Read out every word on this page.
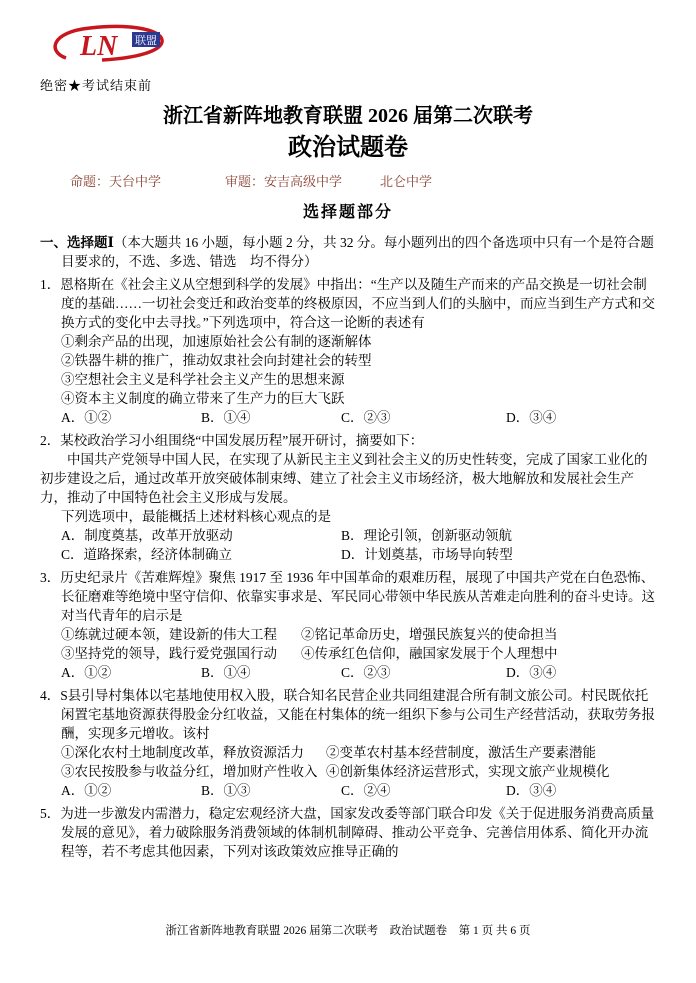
LN 联盟
绝密★考试结束前
浙江省新阵地教育联盟 2026 届第二次联考
政治试题卷
命题：天台中学	审题：安吉高级中学	北仑中学
选择题部分

一、选择题Ⅰ（本大题共 16 小题，每小题 2 分，共 32 分。每小题列出的四个备选项中只有一个是符合题目要求的，不选、多选、错选　均不得分）

1．恩格斯在《社会主义从空想到科学的发展》中指出：“生产以及随生产而来的产品交换是一切社会制度的基础……一切社会变迁和政治变革的终极原因，不应当到人们的头脑中，而应当到生产方式和交换方式的变化中去寻找。”下列选项中，符合这一论断的表述有

①剩余产品的出现，加速原始社会公有制的逐渐解体

②铁器牛耕的推广，推动奴隶社会向封建社会的转型

③空想社会主义是科学社会主义产生的思想来源

④资本主义制度的确立带来了生产力的巨大飞跃

A．①②	B．①④	C．②③	D．③④

2．某校政治学习小组围绕“中国发展历程”展开研讨，摘要如下：

中国共产党领导中国人民，在实现了从新民主主义到社会主义的历史性转变，完成了国家工业化的初步建设之后，通过改革开放突破体制束缚、建立了社会主义市场经济，极大地解放和发展社会生产力，推动了中国特色社会主义形成与发展。

下列选项中，最能概括上述材料核心观点的是

A．制度奠基，改革开放驱动	B．理论引领，创新驱动领航
C．道路探索，经济体制确立	D．计划奠基，市场导向转型

3．历史纪录片《苦难辉煌》聚焦 1917 至 1936 年中国革命的艰难历程，展现了中国共产党在白色恐怖、长征磨难等绝境中坚守信仰、依靠实事求是、军民同心带领中华民族从苦难走向胜利的奋斗史诗。这对当代青年的启示是

①练就过硬本领，建设新的伟大工程	②铭记革命历史，增强民族复兴的使命担当
③坚持党的领导，践行爱党强国行动	④传承红色信仰，融国家发展于个人理想中
A．①②	B．①④	C．②③	D．③④

4．S县引导村集体以宅基地使用权入股，联合知名民营企业共同组建混合所有制文旅公司。村民既依托闲置宅基地资源获得股金分红收益，又能在村集体的统一组织下参与公司生产经营活动，获取劳务报酬，实现多元增收。该村

①深化农村土地制度改革，释放资源活力	②变革农村基本经营制度，激活生产要素潜能
③农民按股参与收益分红，增加财产性收入 ④创新集体经济运营形式，实现文旅产业规模化
A．①②	B．①③	C．②④	D．③④

5．为进一步激发内需潜力，稳定宏观经济大盘，国家发改委等部门联合印发《关于促进服务消费高质量发展的意见》，着力破除服务消费领域的体制机制障碍、推动公平竞争、完善信用体系、简化开办流程等，若不考虑其他因素，下列对该政策效应推导正确的

浙江省新阵地教育联盟 2026 届第二次联考　政治试题卷　第 1 页 共 6 页
